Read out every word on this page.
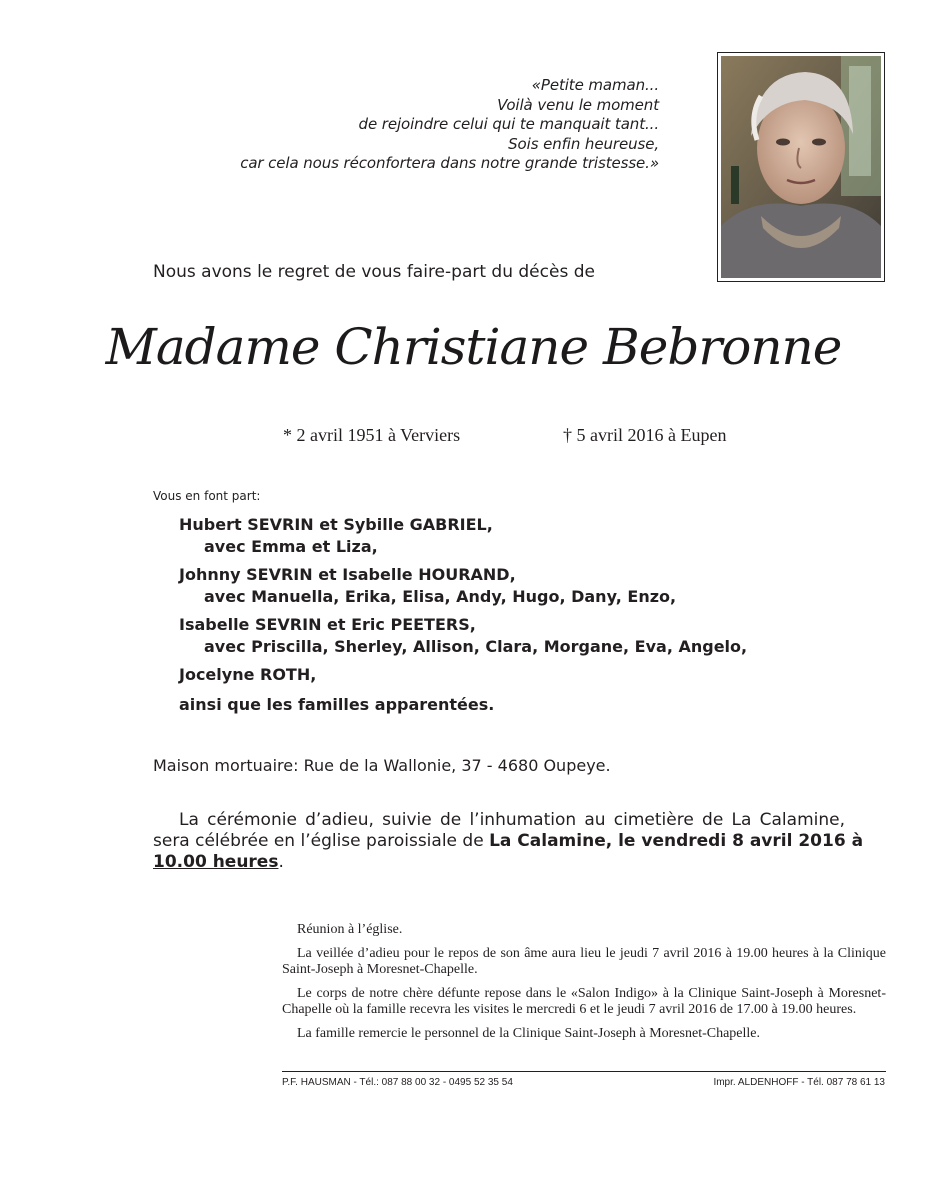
«Petite maman...
Voilà venu le moment
de rejoindre celui qui te manquait tant...
Sois enfin heureuse,
car cela nous réconfortera dans notre grande tristesse.»
Nous avons le regret de vous faire-part du décès de
Madame Christiane Bebronne
* 2 avril 1951 à Verviers	† 5 avril 2016 à Eupen
Vous en font part:
Hubert SEVRIN et Sybille GABRIEL,
avec Emma et Liza,
Johnny SEVRIN et Isabelle HOURAND,
avec Manuella, Erika, Elisa, Andy, Hugo, Dany, Enzo,
Isabelle SEVRIN et Eric PEETERS,
avec Priscilla, Sherley, Allison, Clara, Morgane, Eva, Angelo,
Jocelyne ROTH,
ainsi que les familles apparentées.
Maison mortuaire: Rue de la Wallonie, 37 - 4680 Oupeye.
La cérémonie d’adieu, suivie de l’inhumation au cimetière de La Calamine,
sera célébrée en l’église paroissiale de La Calamine, le vendredi 8 avril 2016 à
10.00 heures.

Réunion à l’église.

La veillée d’adieu pour le repos de son âme aura lieu le jeudi 7 avril 2016 à 19.00 heures à la Clinique Saint-Joseph à Moresnet-Chapelle.

Le corps de notre chère défunte repose dans le «Salon Indigo» à la Clinique Saint-Joseph à Moresnet-Chapelle où la famille recevra les visites le mercredi 6 et le jeudi 7 avril 2016 de 17.00 à 19.00 heures.

La famille remercie le personnel de la Clinique Saint-Joseph à Moresnet-Chapelle.

P.F. HAUSMAN - Tél.: 087 88 00 32 - 0495 52 35 54	Impr. ALDENHOFF - Tél. 087 78 61 13
